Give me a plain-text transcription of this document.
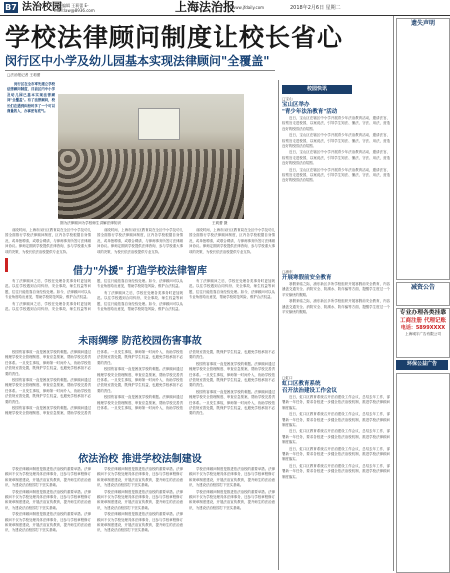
B7 法治校园
责任编辑 王莉蕾 E-mail:law@8936.com	上海法治报
www.jfdaily.com	2018年2月6日 星期二
学校法律顾问制度让校长省心
闵行区中小学及幼儿园基本实现法律顾问"全覆盖"
□法治报记者 王莉蕾

闵行区在全市率先建立学校法律顾问制度，目前区内中小学及幼儿园已基本实现法律顾问"全覆盖"。有了法律顾问，校长们在遇到纠纷时多了一个可以商量的人，办事更有底气。

图为法律顾问为学校师生讲解法律知识	王莉蕾 摄

前段时间，上海市闵行区教育局在全区中小学及幼儿园全面推行学校法律顾问制度，区内各学校根据自身情况，或单独聘请，或联合聘请，与律师事务所签订法律顾问协议。律师定期到学校提供法律咨询，参与学校重大事项的决策，为校长依法治校提供专业支持。

前段时间，上海市闵行区教育局在全区中小学及幼儿园全面推行学校法律顾问制度，区内各学校根据自身情况，或单独聘请，或联合聘请，与律师事务所签订法律顾问协议。律师定期到学校提供法律咨询，参与学校重大事项的决策，为校长依法治校提供专业支持。

前段时间，上海市闵行区教育局在全区中小学及幼儿园全面推行学校法律顾问制度，区内各学校根据自身情况，或单独聘请，或联合聘请，与律师事务所签订法律顾问协议。律师定期到学校提供法律咨询，参与学校重大事项的决策，为校长依法治校提供专业支持。

借力"外援" 打造学校法律智库

有了法律顾问之后，学校在处理各类事务时更加规范。以往学校遇到合同纠纷、安全事故、师生权益等问题，往往只能依靠自身经验处理。如今，法律顾问可以从专业角度给出意见，帮助学校防范风险，维护合法权益。

有了法律顾问之后，学校在处理各类事务时更加规范。以往学校遇到合同纠纷、安全事故、师生权益等问题，往往只能依靠自身经验处理。如今，法律顾问可以从专业角度给出意见，帮助学校防范风险，维护合法权益。

有了法律顾问之后，学校在处理各类事务时更加规范。以往学校遇到合同纠纷、安全事故、师生权益等问题，往往只能依靠自身经验处理。如今，法律顾问可以从专业角度给出意见，帮助学校防范风险，维护合法权益。

有了法律顾问之后，学校在处理各类事务时更加规范。以往学校遇到合同纠纷、安全事故、师生权益等问题，往往只能依靠自身经验处理。如今，法律顾问可以从专业角度给出意见，帮助学校防范风险，维护合法权益。

未雨绸缪 防范校园伤害事故

校园伤害事故一直是困扰学校的难题。法律顾问通过梳理学校安全管理制度、审查应急预案，帮助学校完善责任体系。一旦发生事故，律师第一时间介入，协助学校依法依规妥善处置，既保护学生权益，也避免学校承担不必要的责任。

校园伤害事故一直是困扰学校的难题。法律顾问通过梳理学校安全管理制度、审查应急预案，帮助学校完善责任体系。一旦发生事故，律师第一时间介入，协助学校依法依规妥善处置，既保护学生权益，也避免学校承担不必要的责任。

校园伤害事故一直是困扰学校的难题。法律顾问通过梳理学校安全管理制度、审查应急预案，帮助学校完善责任体系。一旦发生事故，律师第一时间介入，协助学校依法依规妥善处置，既保护学生权益，也避免学校承担不必要的责任。

校园伤害事故一直是困扰学校的难题。法律顾问通过梳理学校安全管理制度、审查应急预案，帮助学校完善责任体系。一旦发生事故，律师第一时间介入，协助学校依法依规妥善处置，既保护学生权益，也避免学校承担不必要的责任。

校园伤害事故一直是困扰学校的难题。法律顾问通过梳理学校安全管理制度、审查应急预案，帮助学校完善责任体系。一旦发生事故，律师第一时间介入，协助学校依法依规妥善处置，既保护学生权益，也避免学校承担不必要的责任。

校园伤害事故一直是困扰学校的难题。法律顾问通过梳理学校安全管理制度、审查应急预案，帮助学校完善责任体系。一旦发生事故，律师第一时间介入，协助学校依法依规妥善处置，既保护学生权益，也避免学校承担不必要的责任。

校园伤害事故一直是困扰学校的难题。法律顾问通过梳理学校安全管理制度、审查应急预案，帮助学校完善责任体系。一旦发生事故，律师第一时间介入，协助学校依法依规妥善处置，既保护学生权益，也避免学校承担不必要的责任。

依法治校 推进学校法制建设

学校法律顾问制度是推进依法治校的重要举措。法律顾问不仅为学校处理具体法律事务，还参与学校章程修订和规章制度建设，开展法治宣传教育，提升师生的法治意识，为建设法治校园打下坚实基础。

学校法律顾问制度是推进依法治校的重要举措。法律顾问不仅为学校处理具体法律事务，还参与学校章程修订和规章制度建设，开展法治宣传教育，提升师生的法治意识，为建设法治校园打下坚实基础。

学校法律顾问制度是推进依法治校的重要举措。法律顾问不仅为学校处理具体法律事务，还参与学校章程修订和规章制度建设，开展法治宣传教育，提升师生的法治意识，为建设法治校园打下坚实基础。

学校法律顾问制度是推进依法治校的重要举措。法律顾问不仅为学校处理具体法律事务，还参与学校章程修订和规章制度建设，开展法治宣传教育，提升师生的法治意识，为建设法治校园打下坚实基础。

学校法律顾问制度是推进依法治校的重要举措。法律顾问不仅为学校处理具体法律事务，还参与学校章程修订和规章制度建设，开展法治宣传教育，提升师生的法治意识，为建设法治校园打下坚实基础。

学校法律顾问制度是推进依法治校的重要举措。法律顾问不仅为学校处理具体法律事务，还参与学校章程修订和规章制度建设，开展法治宣传教育，提升师生的法治意识，为建设法治校园打下坚实基础。

学校法律顾问制度是推进依法治校的重要举措。法律顾问不仅为学校处理具体法律事务，还参与学校章程修订和规章制度建设，开展法治宣传教育，提升师生的法治意识，为建设法治校园打下坚实基础。

学校法律顾问制度是推进依法治校的重要举措。法律顾问不仅为学校处理具体法律事务，还参与学校章程修订和规章制度建设，开展法治宣传教育，提升师生的法治意识，为建设法治校园打下坚实基础。

校园快讯
□宝山
宝山区举办
"青少年法治教育"活动

近日，宝山区在辖区中小学开展青少年法治教育活动，邀请法官、检察官走进校园，以案说法，引导学生知法、懂法、守法、用法，营造良好的校园法治氛围。

近日，宝山区在辖区中小学开展青少年法治教育活动，邀请法官、检察官走进校园，以案说法，引导学生知法、懂法、守法、用法，营造良好的校园法治氛围。

近日，宝山区在辖区中小学开展青少年法治教育活动，邀请法官、检察官走进校园，以案说法，引导学生知法、懂法、守法、用法，营造良好的校园法治氛围。

近日，宝山区在辖区中小学开展青少年法治教育活动，邀请法官、检察官走进校园，以案说法，引导学生知法、懂法、守法、用法，营造良好的校园法治氛围。

□浦东
开展寒假前安全教育

寒假来临之际，浦东新区多所学校组织开展寒假前安全教育，内容涵盖交通安全、消防安全、防溺水、防诈骗等方面，提醒学生度过一个平安愉快的假期。

寒假来临之际，浦东新区多所学校组织开展寒假前安全教育，内容涵盖交通安全、消防安全、防溺水、防诈骗等方面，提醒学生度过一个平安愉快的假期。

□虹口
虹口区教育系统
召开法治建设工作会议

近日，虹口区教育系统召开法治建设工作会议，总结去年工作，部署新一年任务，要求各校进一步健全依法治校机制，推进学校法律顾问制度落实。

近日，虹口区教育系统召开法治建设工作会议，总结去年工作，部署新一年任务，要求各校进一步健全依法治校机制，推进学校法律顾问制度落实。

近日，虹口区教育系统召开法治建设工作会议，总结去年工作，部署新一年任务，要求各校进一步健全依法治校机制，推进学校法律顾问制度落实。

近日，虹口区教育系统召开法治建设工作会议，总结去年工作，部署新一年任务，要求各校进一步健全依法治校机制，推进学校法律顾问制度落实。

近日，虹口区教育系统召开法治建设工作会议，总结去年工作，部署新一年任务，要求各校进一步健全依法治校机制，推进学校法律顾问制度落实。

遗失声明
减资公告
专业办理各类挂靠
工商注册 代理记账
电话：5899XXXX
上海城宇广告有限公司
环保公益广告
